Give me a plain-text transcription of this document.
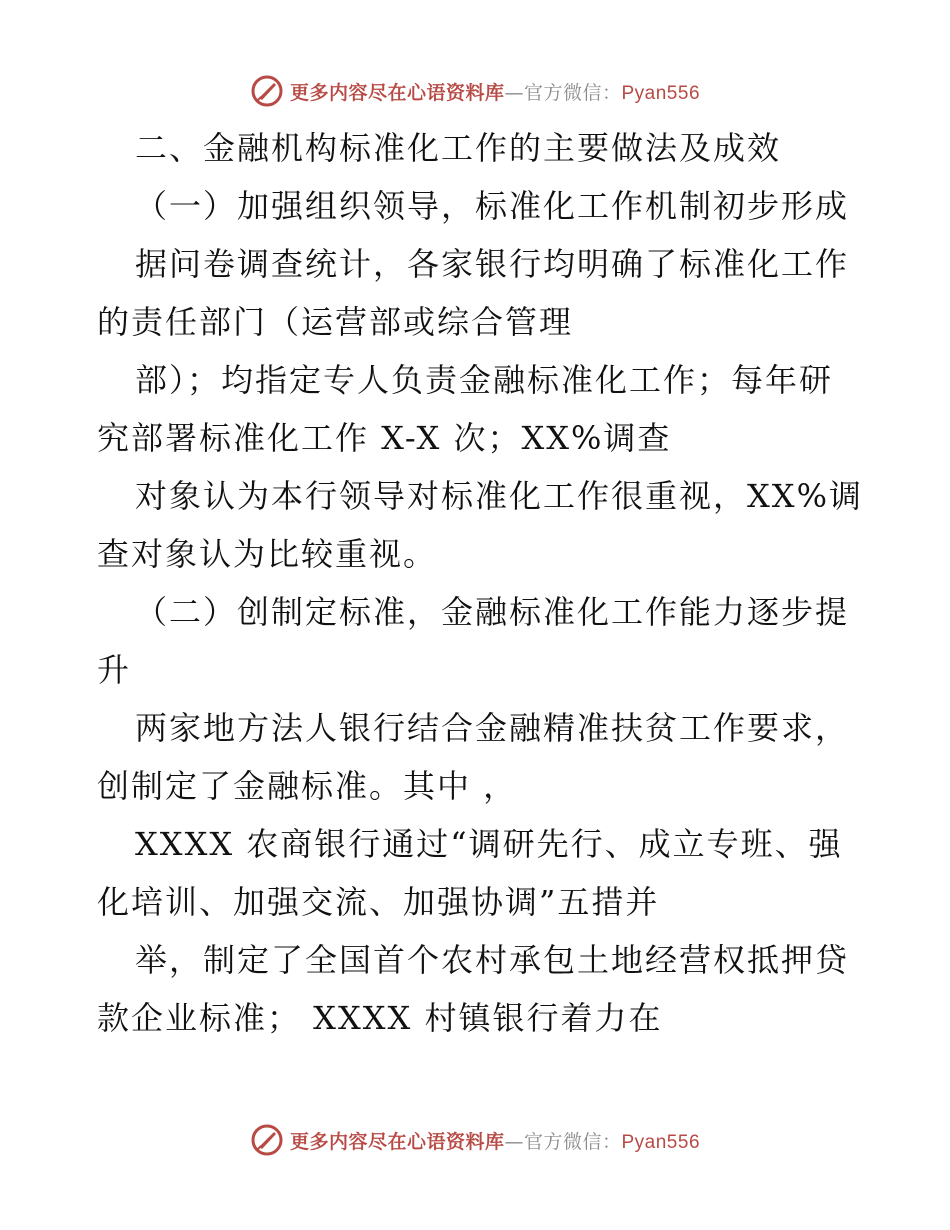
更多内容尽在心语资料库—官方微信：Pyan556
二、金融机构标准化工作的主要做法及成效
（一）加强组织领导，标准化工作机制初步形成
据问卷调查统计，各家银行均明确了标准化工作
的责任部门（运营部或综合管理
部）；均指定专人负责金融标准化工作；每年研
究部署标准化工作 X-X 次；XX%调查
对象认为本行领导对标准化工作很重视，XX%调
查对象认为比较重视。
（二）创制定标准，金融标准化工作能力逐步提
升
两家地方法人银行结合金融精准扶贫工作要求，
创制定了金融标准。其中 ，
XXXX 农商银行通过“调研先行、成立专班、强
化培训、加强交流、加强协调”五措并
举，制定了全国首个农村承包土地经营权抵押贷
款企业标准； XXXX 村镇银行着力在
更多内容尽在心语资料库—官方微信：Pyan556
